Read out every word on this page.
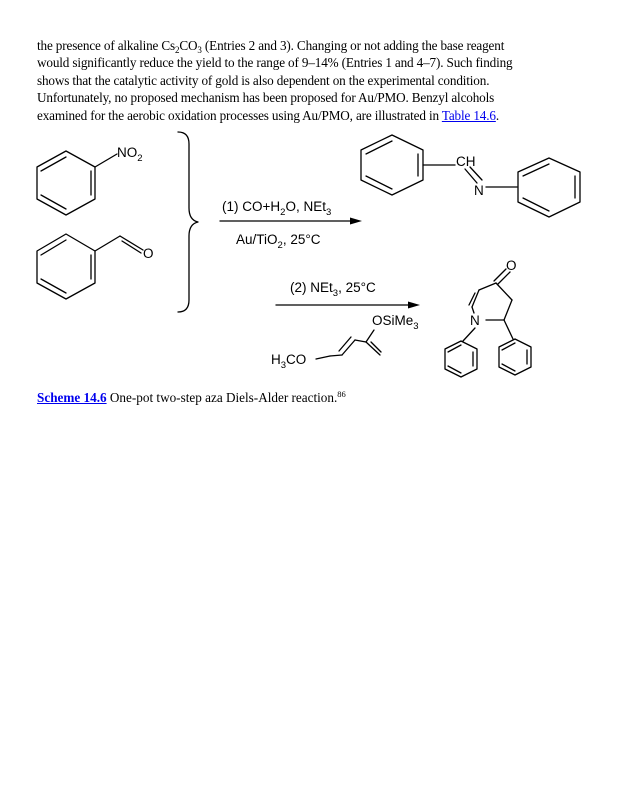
the presence of alkaline $Cs_2CO_3$ (Entries 2 and 3). Changing or not adding the base reagent
would significantly reduce the yield to the range of 9–14% (Entries 1 and 4–7). Such finding
shows that the catalytic activity of gold is also dependent on the experimental condition.
Unfortunately, no proposed mechanism has been proposed for Au/PMO. Benzyl alcohols
examined for the aerobic oxidation processes using Au/PMO, are illustrated in Table 14.6.
$NO_2$
O
(1) $CO+H_2O$, NEt$_3$
Au/TiO$_2$, 25°C
CH
N
(2) NEt$_3$, 25°C
OSiMe$_3$
$H_3CO$
O
N
Scheme 14.6 One-pot two-step aza Diels-Alder reaction.$^{86}$
